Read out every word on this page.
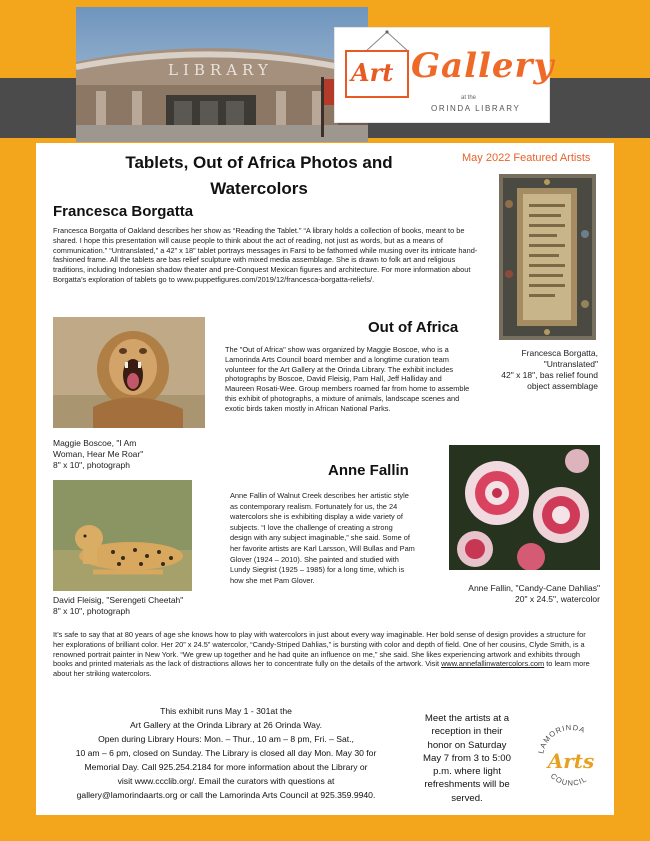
LIBRARY	Art Gallery
at the
ORINDA LIBRARY
Tablets, Out of Africa Photos and
Watercolors
May 2022 Featured Artists
Francesca Borgatta
Francesca Borgatta of Oakland describes her show as “Reading the Tablet.” “A library holds a collection of books, meant to be shared. I hope this presentation will cause people to think about the act of reading, not just as words, but as a means of communication.” “Untranslated,” a 42” x 18” tablet portrays messages in Farsi to be fathomed while musing over its intricate hand-fashioned frame. All the tablets are bas relief sculpture with mixed media assemblage. She is drawn to folk art and religious traditions, including Indonesian shadow theater and pre-Conquest Mexican figures and architecture. For more information about Borgatta’s exploration of tablets go to www.puppetfigures.com/2019/12/francesca-borgatta-reliefs/.
Francesca Borgatta,
"Untranslated"
42" x 18", bas relief found
object assemblage
Maggie Boscoe, "I Am
Woman, Hear Me Roar"
8" x 10", photograph
Out of Africa
The "Out of Africa" show was organized by Maggie Boscoe, who is a Lamorinda Arts Council board member and a longtime curation team volunteer for the Art Gallery at the Orinda Library. The exhibit includes photographs by Boscoe, David Fleisig, Pam Hall, Jeff Halliday and Maureen Rosati-Wee. Group members roamed far from home to assemble this exhibit of photographs, a mixture of animals, landscape scenes and exotic birds taken mostly in African National Parks.
Anne Fallin
Anne Fallin of Walnut Creek describes her artistic style as contemporary realism. Fortunately for us, the 24 watercolors she is exhibiting display a wide variety of subjects. “I love the challenge of creating a strong design with any subject imaginable,” she said. Some of her favorite artists are Karl Larsson, Will Bullas and Pam Glover (1924 – 2010). She painted and studied with Lundy Siegrist (1925 – 1985) for a long time, which is how she met Pam Glover.
David Fleisig, "Serengeti Cheetah"
8" x 10", photograph
Anne Fallin, "Candy-Cane Dahlias"
20" x 24.5", watercolor
It’s safe to say that at 80 years of age she knows how to play with watercolors in just about every way imaginable. Her bold sense of design provides a structure for her explorations of brilliant color. Her 20” x 24.5” watercolor, “Candy-Striped Dahlias,” is bursting with color and depth of field. One of her cousins, Clyde Smith, is a renowned portrait painter in New York. “We grew up together and he had quite an influence on me,” she said. She likes experiencing artwork and exhibits through books and printed materials as the lack of distractions allows her to concentrate fully on the details of the artwork. Visit www.annefallinwatercolors.com to learn more about her striking watercolors.
This exhibit runs May 1 - 301at the
Art Gallery at the Orinda Library at 26 Orinda Way.
Open during Library Hours: Mon. – Thur., 10 am – 8 pm, Fri. – Sat.,
10 am – 6 pm, closed on Sunday. The Library is closed all day Mon. May 30 for
Memorial Day. Call 925.254.2184 for more information about the Library or
visit www.ccclib.org/. Email the curators with questions at
gallery@lamorindaarts.org or call the Lamorinda Arts Council at 925.359.9940.
Meet the artists at a
reception in their
honor on Saturday
May 7 from 3 to 5:00
p.m. where light
refreshments will be
served.
LAMORINDA
Arts
COUNCIL
